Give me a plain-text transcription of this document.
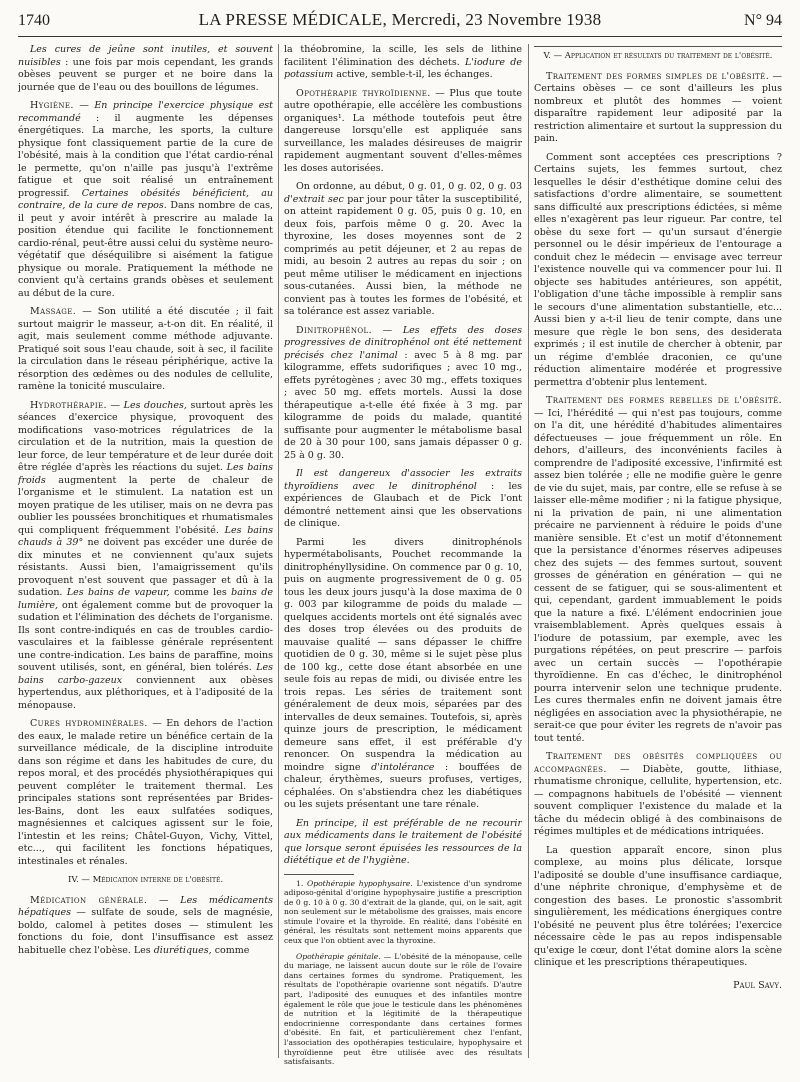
1740	LA PRESSE MÉDICALE, Mercredi, 23 Novembre 1938	N° 94

Les cures de jeûne sont inutiles, et souvent nuisibles : une fois par mois cependant, les grands obèses peuvent se purger et ne boire dans la journée que de l'eau ou des bouillons de légumes.

Hygiène. — En principe l'exercice physique est recommandé : il augmente les dépenses énergétiques. La marche, les sports, la culture physique font classiquement partie de la cure de l'obésité, mais à la condition que l'état cardio-rénal le permette, qu'on n'aille pas jusqu'à l'extrême fatigue et que soit réalisé un entraînement progressif. Certaines obésités bénéficient, au contraire, de la cure de repos. Dans nombre de cas, il peut y avoir intérêt à prescrire au malade la position étendue qui facilite le fonctionnement cardio-rénal, peut-être aussi celui du système neuro-végétatif que déséquilibre si aisément la fatigue physique ou morale. Pratiquement la méthode ne convient qu'à certains grands obèses et seulement au début de la cure.

Massage. — Son utilité a été discutée ; il fait surtout maigrir le masseur, a-t-on dit. En réalité, il agit, mais seulement comme méthode adjuvante. Pratiqué soit sous l'eau chaude, soit à sec, il facilite la circulation dans le réseau périphérique, active la résorption des œdèmes ou des nodules de cellulite, ramène la tonicité musculaire.

Hydrothérapie. — Les douches, surtout après les séances d'exercice physique, provoquent des modifications vaso-motrices régulatrices de la circulation et de la nutrition, mais la question de leur force, de leur température et de leur durée doit être réglée d'après les réactions du sujet. Les bains froids augmentent la perte de chaleur de l'organisme et le stimulent. La natation est un moyen pratique de les utiliser, mais on ne devra pas oublier les poussées bronchitiques et rhumatismales qui compliquent fréquemment l'obésité. Les bains chauds à 39° ne doivent pas excéder une durée de dix minutes et ne conviennent qu'aux sujets résistants. Aussi bien, l'amaigrissement qu'ils provoquent n'est souvent que passager et dû à la sudation. Les bains de vapeur, comme les bains de lumière, ont également comme but de provoquer la sudation et l'élimination des déchets de l'organisme. Ils sont contre-indiqués en cas de troubles cardio-vasculaires et la faiblesse générale représentent une contre-indication. Les bains de paraffine, moins souvent utilisés, sont, en général, bien tolérés. Les bains carbo-gazeux conviennent aux obèses hypertendus, aux pléthoriques, et à l'adiposité de la ménopause.

Cures hydrominérales. — En dehors de l'action des eaux, le malade retire un bénéfice certain de la surveillance médicale, de la discipline introduite dans son régime et dans les habitudes de cure, du repos moral, et des procédés physiothérapiques qui peuvent compléter le traitement thermal. Les principales stations sont représentées par Brides-les-Bains, dont les eaux sulfatées sodiques, magnésiennes et calciques agissent sur le foie, l'intestin et les reins; Châtel-Guyon, Vichy, Vittel, etc..., qui facilitent les fonctions hépatiques, intestinales et rénales.

IV. — Médication interne de l'obésité.

Médication générale. — Les médicaments hépatiques — sulfate de soude, sels de magnésie, boldo, calomel à petites doses — stimulent les fonctions du foie, dont l'insuffisance est assez habituelle chez l'obèse. Les diurétiques, comme

la théobromine, la scille, les sels de lithine facilitent l'élimination des déchets. L'iodure de potassium active, semble-t-il, les échanges.

Opothérapie thyroïdienne. — Plus que toute autre opothérapie, elle accélère les combustions organiques¹. La méthode toutefois peut être dangereuse lorsqu'elle est appliquée sans surveillance, les malades désireuses de maigrir rapidement augmentant souvent d'elles-mêmes les doses autorisées.

On ordonne, au début, 0 g. 01, 0 g. 02, 0 g. 03 d'extrait sec par jour pour tâter la susceptibilité, on atteint rapidement 0 g. 05, puis 0 g. 10, en deux fois, parfois même 0 g. 20. Avec la thyroxine, les doses moyennes sont de 2 comprimés au petit déjeuner, et 2 au repas de midi, au besoin 2 autres au repas du soir ; on peut même utiliser le médicament en injections sous-cutanées. Aussi bien, la méthode ne convient pas à toutes les formes de l'obésité, et sa tolérance est assez variable.

Dinitrophénol. — Les effets des doses progressives de dinitrophénol ont été nettement précisés chez l'animal : avec 5 à 8 mg. par kilogramme, effets sudorifiques ; avec 10 mg., effets pyrétogènes ; avec 30 mg., effets toxiques ; avec 50 mg. effets mortels. Aussi la dose thérapeutique a-t-elle été fixée à 3 mg. par kilogramme de poids du malade, quantité suffisante pour augmenter le métabolisme basal de 20 à 30 pour 100, sans jamais dépasser 0 g. 25 à 0 g. 30.

Il est dangereux d'associer les extraits thyroïdiens avec le dinitrophénol : les expériences de Glaubach et de Pick l'ont démontré nettement ainsi que les observations de clinique.

Parmi les divers dinitrophénols hypermétabolisants, Pouchet recommande la dinitrophényllysidine. On commence par 0 g. 10, puis on augmente progressivement de 0 g. 05 tous les deux jours jusqu'à la dose maxima de 0 g. 003 par kilogramme de poids du malade — quelques accidents mortels ont été signalés avec des doses trop élevées ou des produits de mauvaise qualité — sans dépasser le chiffre quotidien de 0 g. 30, même si le sujet pèse plus de 100 kg., cette dose étant absorbée en une seule fois au repas de midi, ou divisée entre les trois repas. Les séries de traitement sont généralement de deux mois, séparées par des intervalles de deux semaines. Toutefois, si, après quinze jours de prescription, le médicament demeure sans effet, il est préférable d'y renoncer. On suspendra la médication au moindre signe d'intolérance : bouffées de chaleur, érythèmes, sueurs profuses, vertiges, céphalées. On s'abstiendra chez les diabétiques ou les sujets présentant une tare rénale.

En principe, il est préférable de ne recourir aux médicaments dans le traitement de l'obésité que lorsque seront épuisées les ressources de la diététique et de l'hygiène.

1. Opothérapie hypophysaire. L'existence d'un syndrome adiposo-génital d'origine hypophysaire justifie a prescription de 0 g. 10 à 0 g. 30 d'extrait de la glande, qui, on le sait, agit non seulement sur le métabolisme des graisses, mais encore stimule l'ovaire et la thyroïde. En réalité, dans l'obésité en général, les résultats sont nettement moins apparents que ceux que l'on obtient avec la thyroxine.

Opothérapie génitale. — L'obésité de la ménopause, celle du mariage, ne laissent aucun doute sur le rôle de l'ovaire dans certaines formes du syndrome. Pratiquement, les résultats de l'opothérapie ovarienne sont négatifs. D'autre part, l'adiposité des eunuques et des infantiles montre également le rôle que joue le testicule dans les phénomènes de nutrition et la légitimité de la thérapeutique endocrinienne correspondante dans certaines formes d'obésité. En fait, et particulièrement chez l'enfant, l'association des opothérapies testiculaire, hypophysaire et thyroïdienne peut être utilisée avec des résultats satisfaisants.

V. — Application et résultats du traitement de l'obésité.

Traitement des formes simples de l'obésité. — Certains obèses — ce sont d'ailleurs les plus nombreux et plutôt des hommes — voient disparaître rapidement leur adiposité par la restriction alimentaire et surtout la suppression du pain.

Comment sont acceptées ces prescriptions ? Certains sujets, les femmes surtout, chez lesquelles le désir d'esthétique domine celui des satisfactions d'ordre alimentaire, se soumettent sans difficulté aux prescriptions édictées, si même elles n'exagèrent pas leur rigueur. Par contre, tel obèse du sexe fort — qu'un sursaut d'énergie personnel ou le désir impérieux de l'entourage a conduit chez le médecin — envisage avec terreur l'existence nouvelle qui va commencer pour lui. Il objecte ses habitudes antérieures, son appétit, l'obligation d'une tâche impossible à remplir sans le secours d'une alimentation substantielle, etc... Aussi bien y a-t-il lieu de tenir compte, dans une mesure que règle le bon sens, des desiderata exprimés ; il est inutile de chercher à obtenir, par un régime d'emblée draconien, ce qu'une réduction alimentaire modérée et progressive permettra d'obtenir plus lentement.

Traitement des formes rebelles de l'obésité. — Ici, l'hérédité — qui n'est pas toujours, comme on l'a dit, une hérédité d'habitudes alimentaires défectueuses — joue fréquemment un rôle. En dehors, d'ailleurs, des inconvénients faciles à comprendre de l'adiposité excessive, l'infirmité est assez bien tolérée ; elle ne modifie guère le genre de vie du sujet, mais, par contre, elle se refuse à se laisser elle-même modifier ; ni la fatigue physique, ni la privation de pain, ni une alimentation précaire ne parviennent à réduire le poids d'une manière sensible. Et c'est un motif d'étonnement que la persistance d'énormes réserves adipeuses chez des sujets — des femmes surtout, souvent grosses de génération en génération — qui ne cessent de se fatiguer, qui se sous-alimentent et qui, cependant, gardent immuablement le poids que la nature a fixé. L'élément endocrinien joue vraisemblablement. Après quelques essais à l'iodure de potassium, par exemple, avec les purgations répétées, on peut prescrire — parfois avec un certain succès — l'opothérapie thyroïdienne. En cas d'échec, le dinitrophénol pourra intervenir selon une technique prudente. Les cures thermales enfin ne doivent jamais être négligées en association avec la physiothérapie, ne serait-ce que pour éviter les regrets de n'avoir pas tout tenté.

Traitement des obésités compliquées ou accompagnées. — Diabète, goutte, lithiase, rhumatisme chronique, cellulite, hypertension, etc. — compagnons habituels de l'obésité — viennent souvent compliquer l'existence du malade et la tâche du médecin obligé à des combinaisons de régimes multiples et de médications intriquées.

La question apparaît encore, sinon plus complexe, au moins plus délicate, lorsque l'adiposité se double d'une insuffisance cardiaque, d'une néphrite chronique, d'emphysème et de congestion des bases. Le pronostic s'assombrit singulièrement, les médications énergiques contre l'obésité ne peuvent plus être tolérées; l'exercice nécessaire cède le pas au repos indispensable qu'exige le cœur, dont l'état domine alors la scène clinique et les prescriptions thérapeutiques.

Paul Savy.
